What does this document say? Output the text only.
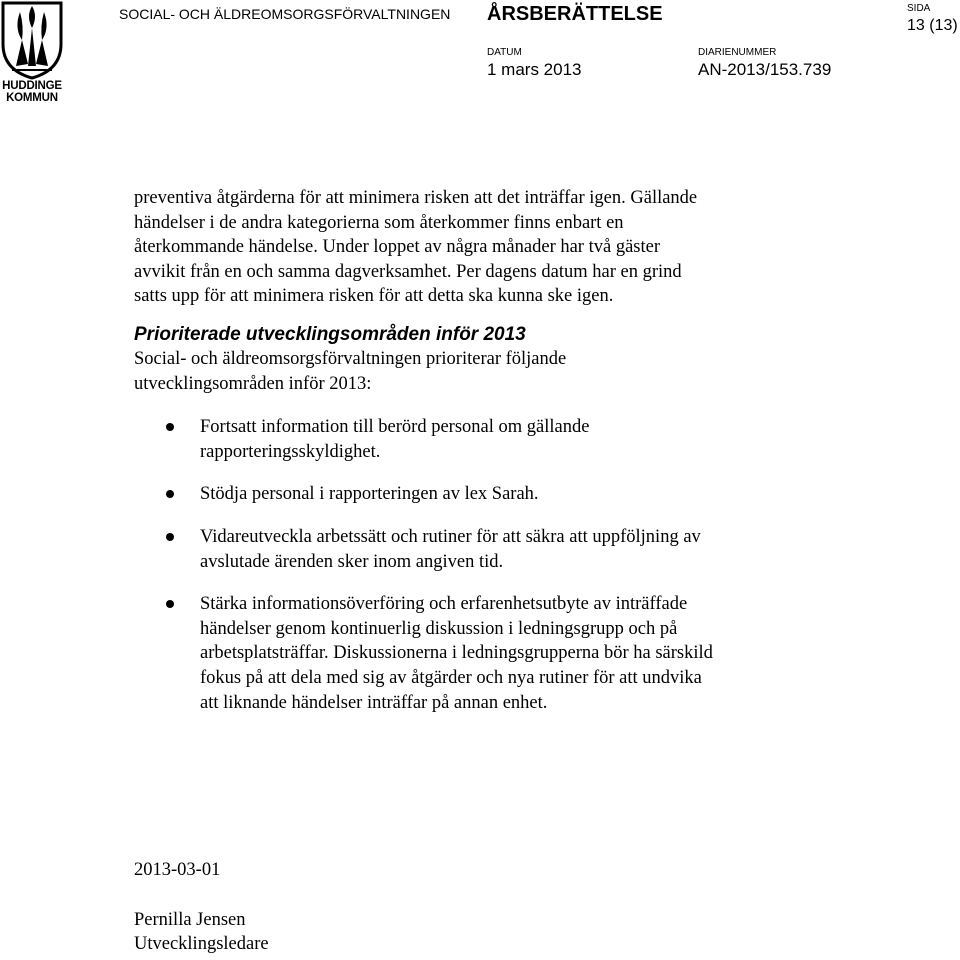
HUDDINGE
KOMMUN
SOCIAL- OCH ÄLDREOMSORGSFÖRVALTNINGEN ÅRSBERÄTTELSE	SIDA
13 (13)
DATUM
1 mars 2013
DIARIENUMMER
AN-2013/153.739

preventiva åtgärderna för att minimera risken att det inträffar igen. Gällande
händelser i de andra kategorierna som återkommer finns enbart en
återkommande händelse. Under loppet av några månader har två gäster
avvikit från en och samma dagverksamhet. Per dagens datum har en grind
satts upp för att minimera risken för att detta ska kunna ske igen.

Prioriterade utvecklingsområden inför 2013

Social- och äldreomsorgsförvaltningen prioriterar följande
utvecklingsområden inför 2013:

Fortsatt information till berörd personal om gällande
rapporteringsskyldighet.
Stödja personal i rapporteringen av lex Sarah.
Vidareutveckla arbetssätt och rutiner för att säkra att uppföljning av
avslutade ärenden sker inom angiven tid.
Stärka informationsöverföring och erfarenhetsutbyte av inträffade
händelser genom kontinuerlig diskussion i ledningsgrupp och på
arbetsplatsträffar. Diskussionerna i ledningsgrupperna bör ha särskild
fokus på att dela med sig av åtgärder och nya rutiner för att undvika
att liknande händelser inträffar på annan enhet.
2013-03-01
Pernilla Jensen
Utvecklingsledare
